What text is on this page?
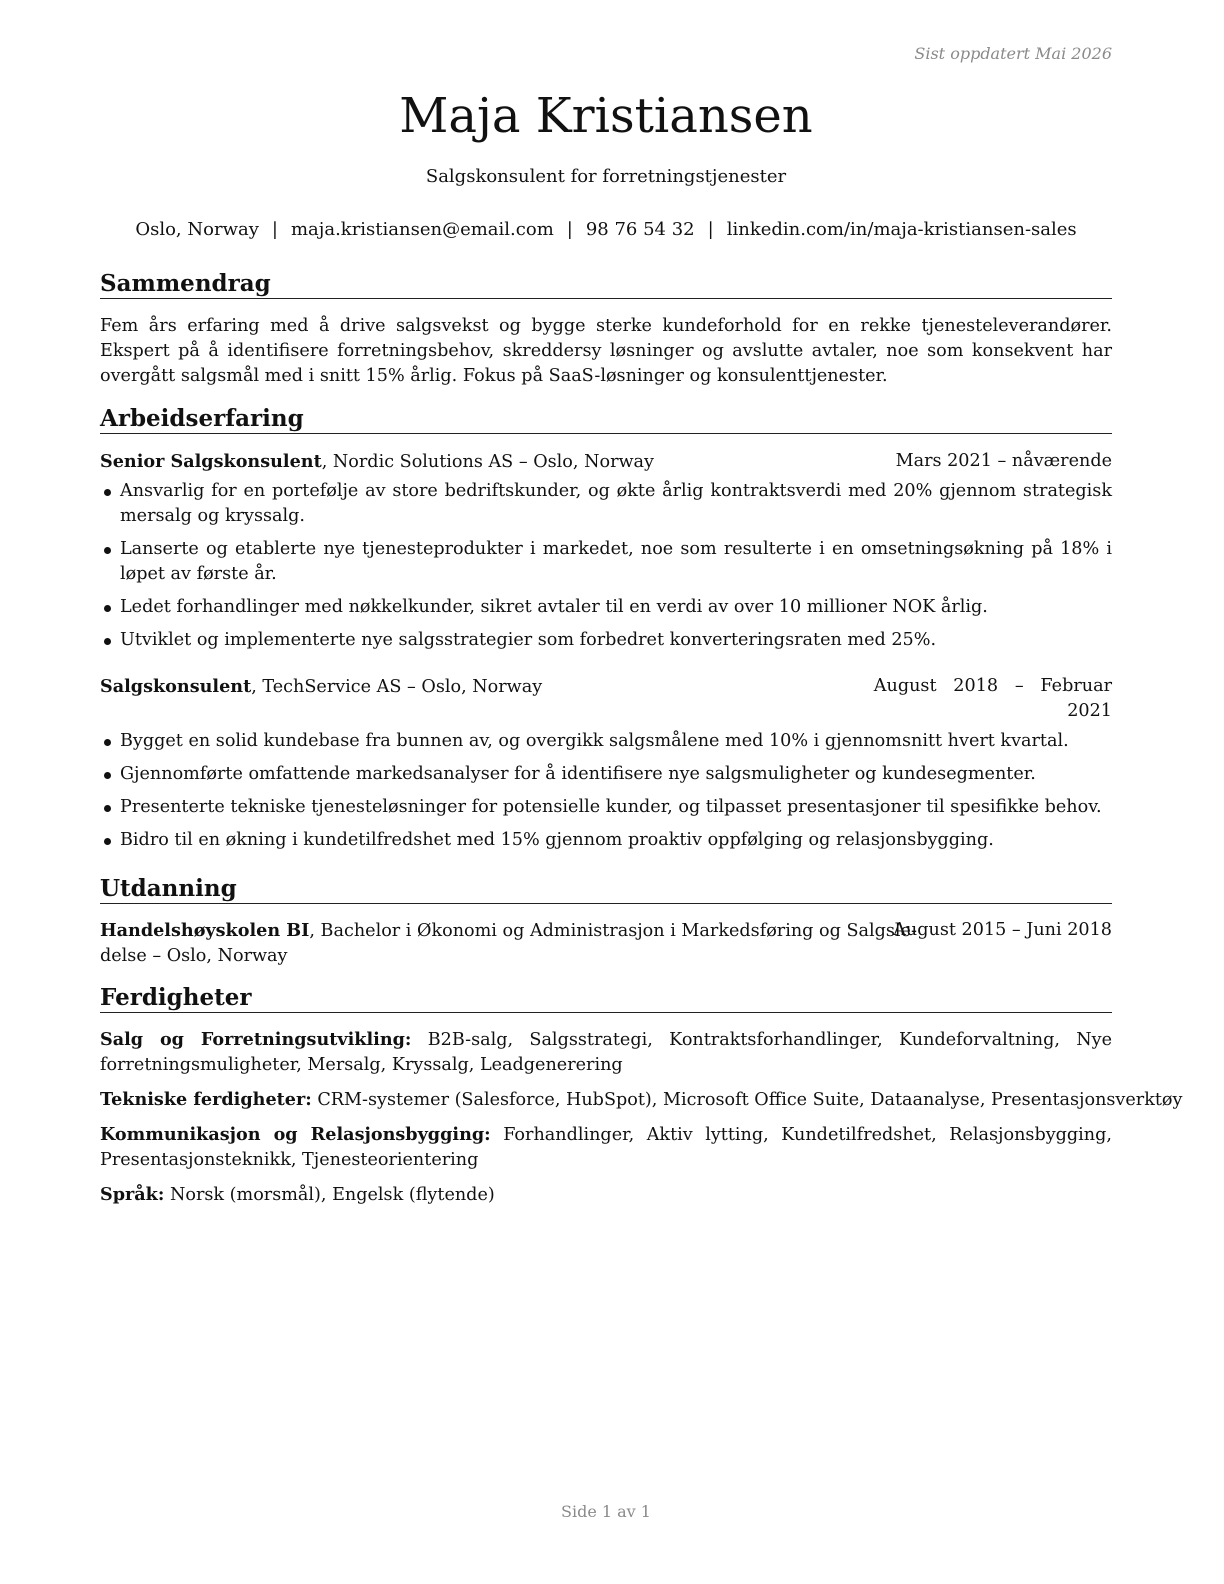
Sist oppdatert Mai 2026
Maja Kristiansen
Salgskonsulent for forretningstjenester
Oslo, Norway | maja.kristiansen@email.com | 98 76 54 32 | linkedin.com/in/maja-kristiansen-sales
Sammendrag
Fem års erfaring med å drive salgsvekst og bygge sterke kundeforhold for en rekke tjenesteleverandører. Ekspert på å identifisere forretningsbehov, skreddersy løsninger og avslutte avtaler, noe som konsekvent har overgått salgsmål med i snitt 15% årlig. Fokus på SaaS-løsninger og konsulenttjenester.
Arbeidserfaring
Senior Salgskonsulent, Nordic Solutions AS – Oslo, Norway	Mars 2021 – nåværende
Ansvarlig for en portefølje av store bedriftskunder, og økte årlig kontraktsverdi med 20% gjennom strategisk mersalg og kryssalg.
Lanserte og etablerte nye tjenesteprodukter i markedet, noe som resulterte i en omsetningsøkning på 18% i løpet av første år.
Ledet forhandlinger med nøkkelkunder, sikret avtaler til en verdi av over 10 millioner NOK årlig.
Utviklet og implementerte nye salgsstrategier som forbedret konverteringsraten med 25%.
Salgskonsulent, TechService AS – Oslo, Norway	August   2018   –   Februar
2021
Bygget en solid kundebase fra bunnen av, og overgikk salgsmålene med 10% i gjennomsnitt hvert kvartal.
Gjennomførte omfattende markedsanalyser for å identifisere nye salgsmuligheter og kundesegmenter.
Presenterte tekniske tjenesteløsninger for potensielle kunder, og tilpasset presentasjoner til spesifikke behov.
Bidro til en økning i kundetilfredshet med 15% gjennom proaktiv oppfølging og relasjonsbygging.
Utdanning
Handelshøyskolen BI, Bachelor i Økonomi og Administrasjon i Markedsføring og Salgsle-
delse – Oslo, Norway
August 2015 – Juni 2018
Ferdigheter
Salg og Forretningsutvikling: B2B-salg, Salgsstrategi, Kontraktsforhandlinger, Kundeforvaltning, Nye forretningsmuligheter, Mersalg, Kryssalg, Leadgenerering
Tekniske ferdigheter: CRM-systemer (Salesforce, HubSpot), Microsoft Office Suite, Dataanalyse, Presentasjonsverktøy
Kommunikasjon og Relasjonsbygging: Forhandlinger, Aktiv lytting, Kundetilfredshet, Relasjonsbygging, Presentasjonsteknikk, Tjenesteorientering
Språk: Norsk (morsmål), Engelsk (flytende)
Side 1 av 1
